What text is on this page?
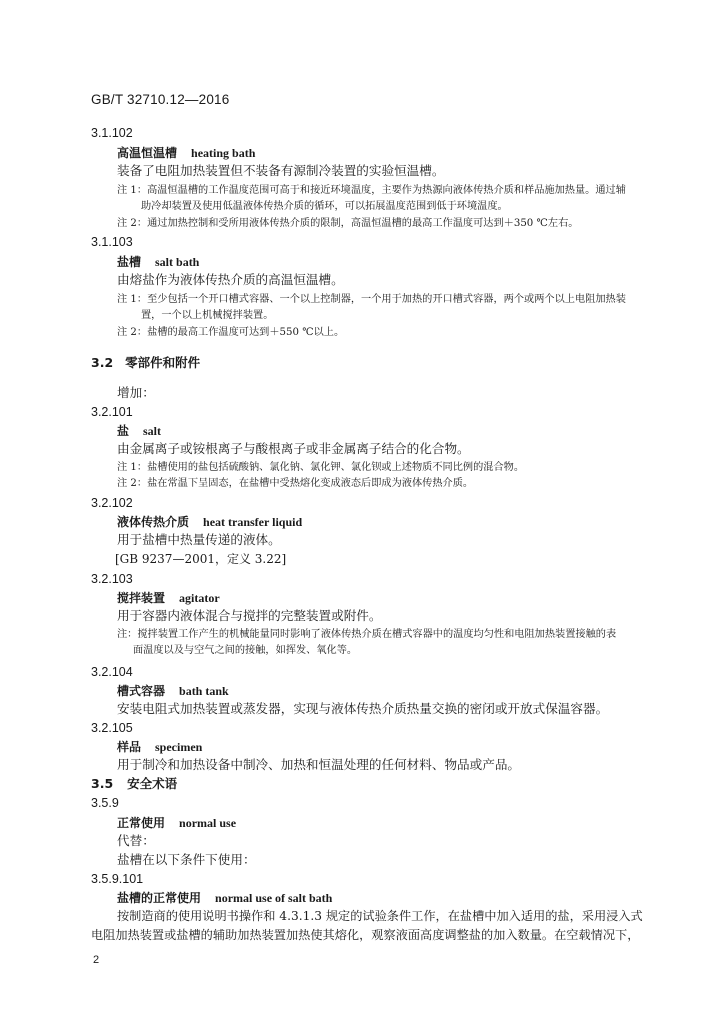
GB/T 32710.12—2016
3.1.102
高温恒温槽 heating bath
装备了电阻加热装置但不装备有源制冷装置的实验恒温槽。
注 1：高温恒温槽的工作温度范围可高于和接近环境温度，主要作为热源向液体传热介质和样品施加热量。通过辅
助冷却装置及使用低温液体传热介质的循环，可以拓展温度范围到低于环境温度。
注 2：通过加热控制和受所用液体传热介质的限制，高温恒温槽的最高工作温度可达到＋350 ℃左右。
3.1.103
盐槽 salt bath
由熔盐作为液体传热介质的高温恒温槽。
注 1：至少包括一个开口槽式容器、一个以上控制器，一个用于加热的开口槽式容器，两个或两个以上电阻加热装
置，一个以上机械搅拌装置。
注 2：盐槽的最高工作温度可达到＋550 ℃以上。
3.2 零部件和附件
增加：
3.2.101
盐 salt
由金属离子或铵根离子与酸根离子或非金属离子结合的化合物。
注 1：盐槽使用的盐包括硫酸钠、氯化钠、氯化钾、氯化钡或上述物质不同比例的混合物。
注 2：盐在常温下呈固态，在盐槽中受热熔化变成液态后即成为液体传热介质。
3.2.102
液体传热介质 heat transfer liquid
用于盐槽中热量传递的液体。
[GB 9237—2001，定义 3.22]
3.2.103
搅拌装置 agitator
用于容器内液体混合与搅拌的完整装置或附件。
注：搅拌装置工作产生的机械能量同时影响了液体传热介质在槽式容器中的温度均匀性和电阻加热装置接触的表
面温度以及与空气之间的接触，如挥发、氧化等。
3.2.104
槽式容器 bath tank
安装电阻式加热装置或蒸发器，实现与液体传热介质热量交换的密闭或开放式保温容器。
3.2.105
样品 specimen
用于制冷和加热设备中制冷、加热和恒温处理的任何材料、物品或产品。
3.5 安全术语
3.5.9
正常使用 normal use
代替：
盐槽在以下条件下使用：
3.5.9.101
盐槽的正常使用 normal use of salt bath
按制造商的使用说明书操作和 4.3.1.3 规定的试验条件工作，在盐槽中加入适用的盐，采用浸入式
电阻加热装置或盐槽的辅助加热装置加热使其熔化，观察液面高度调整盐的加入数量。在空载情况下，
2
